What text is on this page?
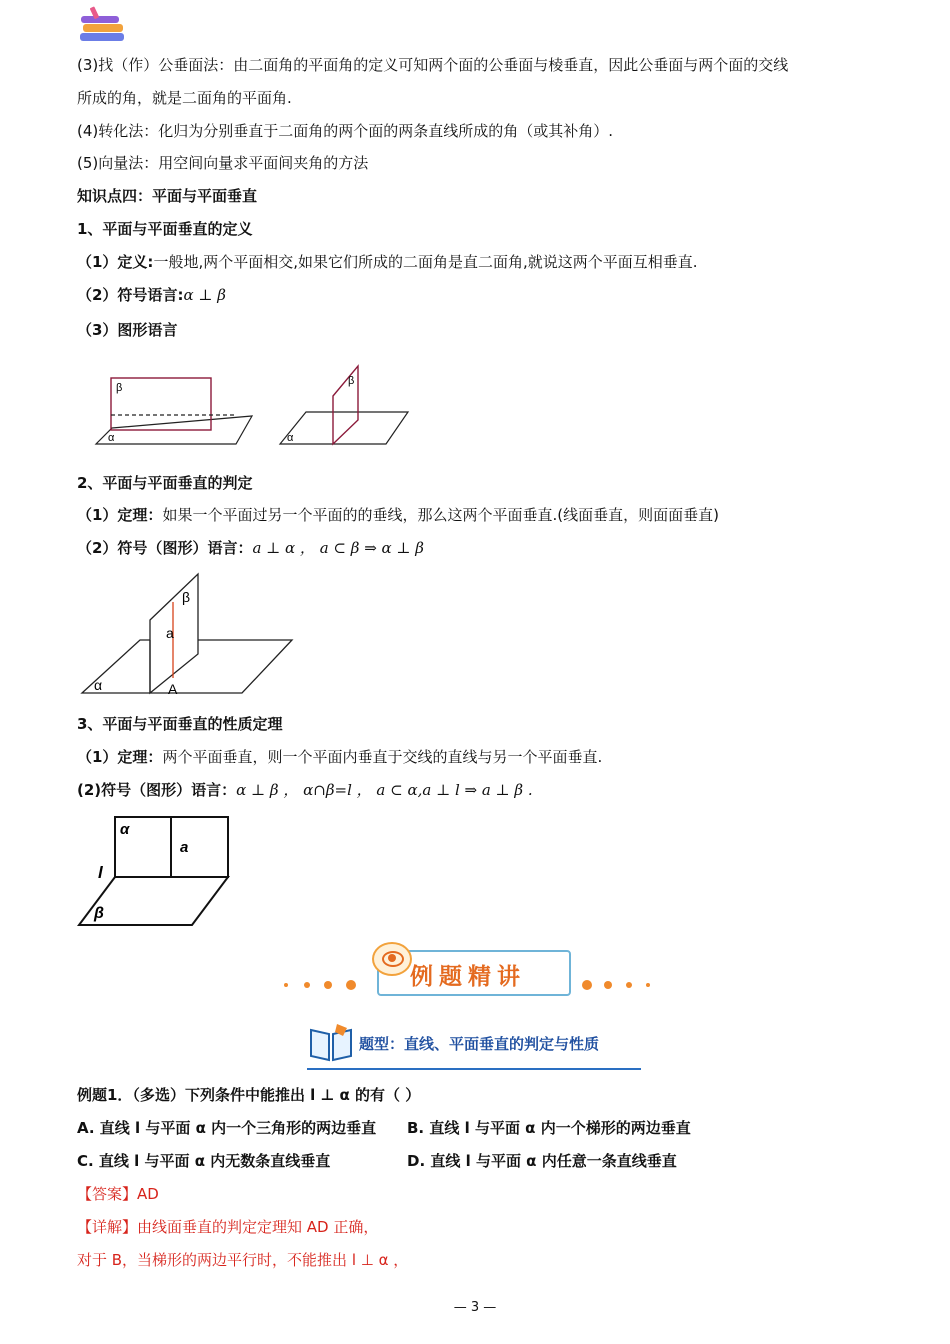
(3)找（作）公垂面法：由二面角的平面角的定义可知两个面的公垂面与棱垂直，因此公垂面与两个面的交线
所成的角，就是二面角的平面角.
(4)转化法：化归为分别垂直于二面角的两个面的两条直线所成的角（或其补角）.
(5)向量法：用空间向量求平面间夹角的方法
知识点四：平面与平面垂直
1、平面与平面垂直的定义
（1）定义:一般地,两个平面相交,如果它们所成的二面角是直二面角,就说这两个平面互相垂直.
（2）符号语言:α ⊥ β
（3）图形语言
β
α
β
α
2、平面与平面垂直的判定
（1）定理：如果一个平面过另一个平面的的垂线，那么这两个平面垂直.(线面垂直，则面面垂直)
（2）符号（图形）语言：a ⊥ α ， a ⊂ β ⇒ α ⊥ β
β
a
α	A
3、平面与平面垂直的性质定理
（1）定理：两个平面垂直，则一个平面内垂直于交线的直线与另一个平面垂直.
(2)符号（图形）语言：α ⊥ β ， α∩β=l ， a ⊂ α,a ⊥ l ⇒ a ⊥ β .
α
a
l
β
例题精讲
题型：直线、平面垂直的判定与性质
例题1．（多选）下列条件中能推出 l ⊥ α 的有（ ）
A. 直线 l 与平面 α 内一个三角形的两边垂直 B. 直线 l 与平面 α 内一个梯形的两边垂直
C. 直线 l 与平面 α 内无数条直线垂直	D. 直线 l 与平面 α 内任意一条直线垂直
【答案】AD
【详解】由线面垂直的判定定理知 AD 正确，
对于 B，当梯形的两边平行时，不能推出 l ⊥ α ，
— 3 —
